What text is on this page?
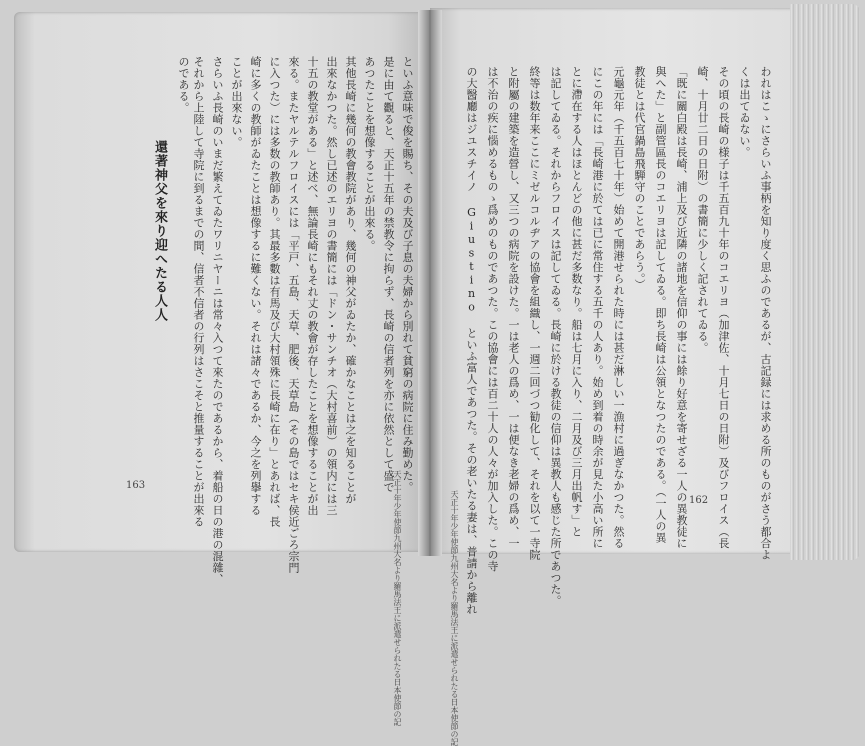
われはこゝにさらいふ事柄を知り度く思ふのであるが、古記録には求める所のものがさう都合よ
くは出てゐない。
その頃の長崎の様子は千五百九十年のコエリヨ（加津佐、十月七日の日附）及びフロイス（長
崎、十月廿二日の日附）の書簡に少しく記されてゐる。
「既に關白殿は長崎、浦上及び近隣の諸地を信仰の事には餘り好意を寄せざる一人の異教徒に
與へた」と副管區長のコエリヨは記してゐる。即ち長崎は公領となつたのである。（一人の異
教徒とは代官鍋島飛騨守のことであらう。）
元龜元年（千五百七十年）始めて開港せられた時には甚だ淋しい一漁村に過ぎなかつた。然る
にこの年には「長崎港に於ては已に常住する五千の人あり。始め到着の時余が見た小高い所に
とに滯在する人はほとんどの他に甚だ多数なり。船は七月に入り、二月及び三月出帆す」と
は記してゐる。それからフロイスは記してゐる。長崎に於ける教徒の信仰は異教人も感じた所であつた。
終等は数年来ここにミゼルコルヂアの協會を組織し、一週二回づつ勧化して、それを以て一寺院
と附屬の建築を造營し、又三つの病院を設けた。一は老人の爲め、一は便なき老婦の爲め、一
は不治の疾に惱めるものゝ爲めのものであつた。この協會には百二十人の人々が加入した。この寺
の大醫廳はジユスチイノ Giustino といふ富人であつた。その老いたる妻は、普請から離れ
天正十年少年使節九州大名より羅馬法王に派遣せられたる日本使節の記	162
といふ意味で俊を賜ち、その夫及び子息の夫婦から別れて貧窮の病院に住み勤めた。
是に由て觀ると、天正十五年の禁教令に拘らず、長崎の信者列を亦に依然として盛で
あつたことを想像することが出來る。
其他長崎に幾何の教會教院があり、幾何の神父がゐたか、確かなことは之を知ることが
出來なかつた。然し已述のエリヨの書簡には「ドン・サンチオ（大村喜前）の領内には三
十五の教堂がある」と述べ、無論長崎にもそれ丈の教會が存したことを想像することが出
來る。またヤルテルフロイスには「平戸、五島、天草、肥後、天草島（その島ではセキ侯近ごろ宗門
に入つた）には多数の教師あり。其最多數は有馬及び大村領殊に長崎に在り」とあれば、長
崎に多くの教師がゐたことは想像するに難くない。それは諸々であるか、今之を列擧する
ことが出來ない。
さらいふ長崎のいまだ繁えてゐたワリニヤーニは常々入つて來たのであるから、着船の日の港の混雜、
それから上陸して寺院に到るまでの間、信者不信者の行列はさこそと推量することが出來る
のである。
還著神父を來り迎へたる人人
天正十年少年使節九州大名より羅馬法王に派遣せられたる日本使節の記
163
